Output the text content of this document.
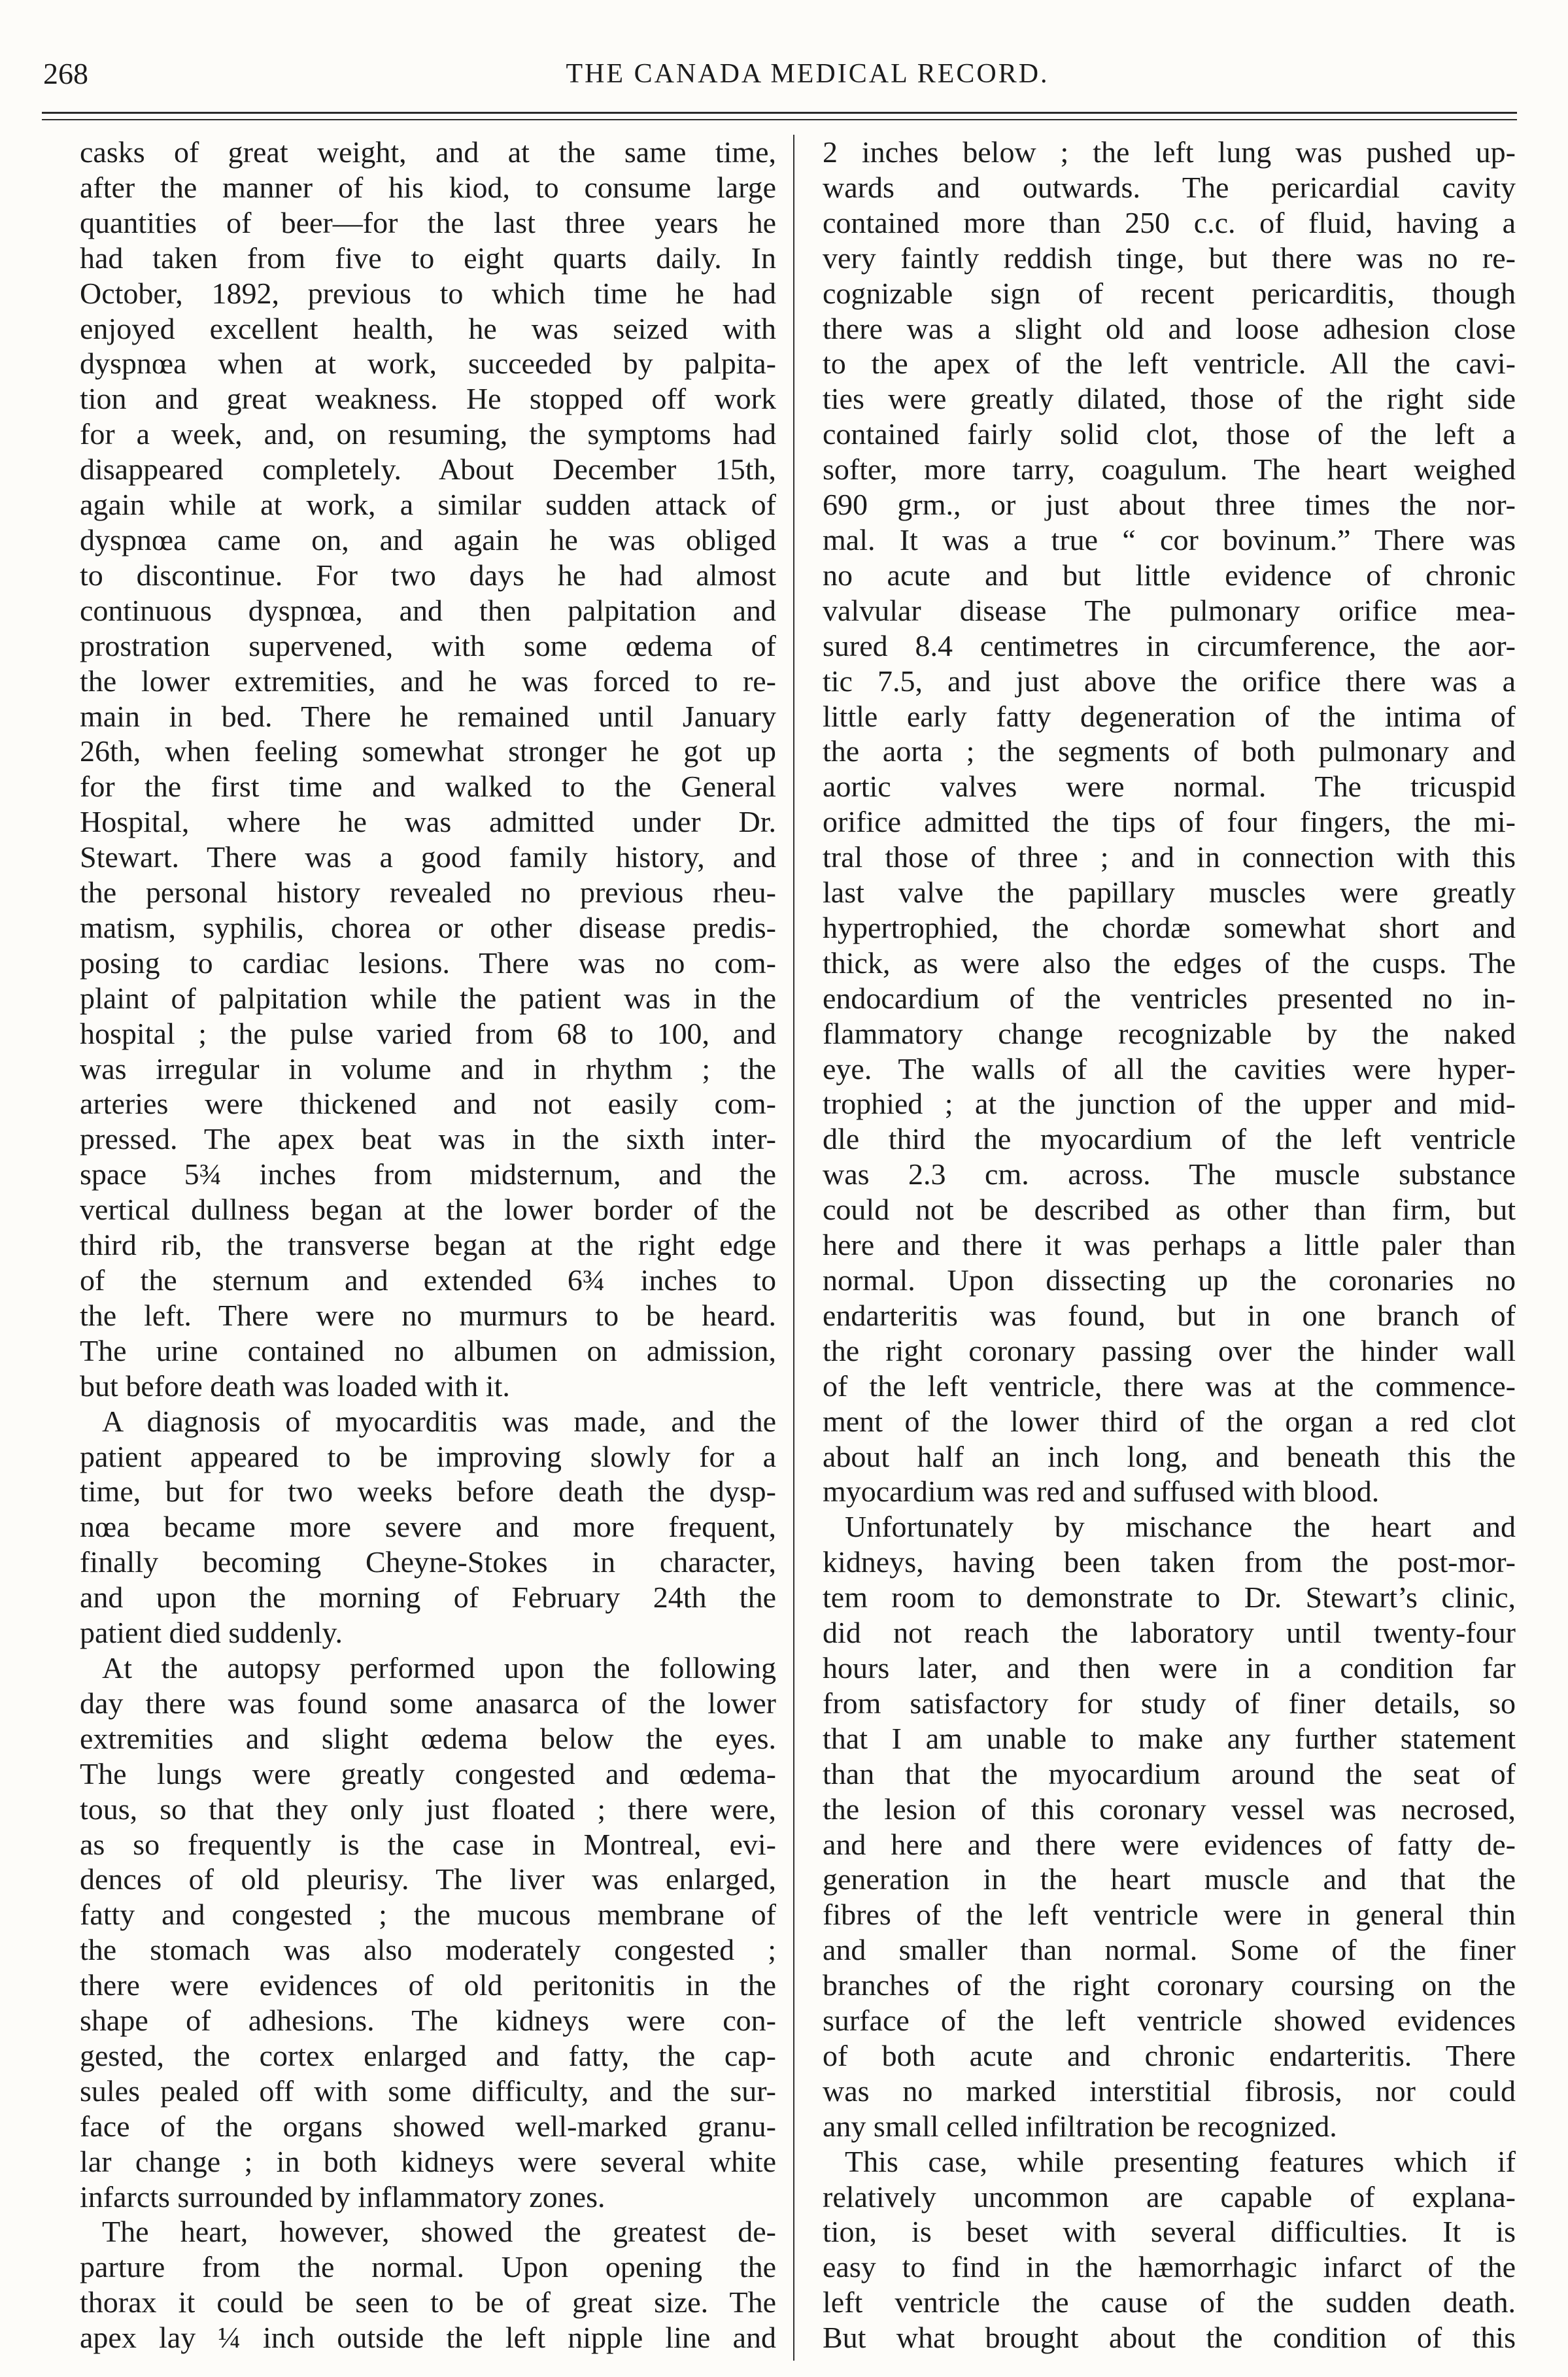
268	THE CANADA MEDICAL RECORD.
casks of great weight, and at the same time,
after the manner of his kiod, to consume large
quantities of beer—for the last three years he
had taken from five to eight quarts daily. In
October, 1892, previous to which time he had
enjoyed excellent health, he was seized with
dyspnœa when at work, succeeded by palpita-
tion and great weakness. He stopped off work
for a week, and, on resuming, the symptoms had
disappeared completely. About December 15th,
again while at work, a similar sudden attack of
dyspnœa came on, and again he was obliged
to discontinue. For two days he had almost
continuous dyspnœa, and then palpitation and
prostration supervened, with some œdema of
the lower extremities, and he was forced to re-
main in bed. There he remained until January
26th, when feeling somewhat stronger he got up
for the first time and walked to the General
Hospital, where he was admitted under Dr.
Stewart. There was a good family history, and
the personal history revealed no previous rheu-
matism, syphilis, chorea or other disease predis-
posing to cardiac lesions. There was no com-
plaint of palpitation while the patient was in the
hospital ; the pulse varied from 68 to 100, and
was irregular in volume and in rhythm ; the
arteries were thickened and not easily com-
pressed. The apex beat was in the sixth inter-
space 5¾ inches from midsternum, and the
vertical dullness began at the lower border of the
third rib, the transverse began at the right edge
of the sternum and extended 6¾ inches to
the left. There were no murmurs to be heard.
The urine contained no albumen on admission,
but before death was loaded with it.
A diagnosis of myocarditis was made, and the
patient appeared to be improving slowly for a
time, but for two weeks before death the dysp-
nœa became more severe and more frequent,
finally becoming Cheyne-Stokes in character,
and upon the morning of February 24th the
patient died suddenly.
At the autopsy performed upon the following
day there was found some anasarca of the lower
extremities and slight œdema below the eyes.
The lungs were greatly congested and œdema-
tous, so that they only just floated ; there were,
as so frequently is the case in Montreal, evi-
dences of old pleurisy. The liver was enlarged,
fatty and congested ; the mucous membrane of
the stomach was also moderately congested ;
there were evidences of old peritonitis in the
shape of adhesions. The kidneys were con-
gested, the cortex enlarged and fatty, the cap-
sules pealed off with some difficulty, and the sur-
face of the organs showed well-marked granu-
lar change ; in both kidneys were several white
infarcts surrounded by inflammatory zones.
The heart, however, showed the greatest de-
parture from the normal. Upon opening the
thorax it could be seen to be of great size. The
apex lay ¼ inch outside the left nipple line and
2 inches below ; the left lung was pushed up-
wards and outwards. The pericardial cavity
contained more than 250 c.c. of fluid, having a
very faintly reddish tinge, but there was no re-
cognizable sign of recent pericarditis, though
there was a slight old and loose adhesion close
to the apex of the left ventricle. All the cavi-
ties were greatly dilated, those of the right side
contained fairly solid clot, those of the left a
softer, more tarry, coagulum. The heart weighed
690 grm., or just about three times the nor-
mal. It was a true “ cor bovinum.” There was
no acute and but little evidence of chronic
valvular disease The pulmonary orifice mea-
sured 8.4 centimetres in circumference, the aor-
tic 7.5, and just above the orifice there was a
little early fatty degeneration of the intima of
the aorta ; the segments of both pulmonary and
aortic valves were normal. The tricuspid
orifice admitted the tips of four fingers, the mi-
tral those of three ; and in connection with this
last valve the papillary muscles were greatly
hypertrophied, the chordæ somewhat short and
thick, as were also the edges of the cusps. The
endocardium of the ventricles presented no in-
flammatory change recognizable by the naked
eye. The walls of all the cavities were hyper-
trophied ; at the junction of the upper and mid-
dle third the myocardium of the left ventricle
was 2.3 cm. across. The muscle substance
could not be described as other than firm, but
here and there it was perhaps a little paler than
normal. Upon dissecting up the coronaries no
endarteritis was found, but in one branch of
the right coronary passing over the hinder wall
of the left ventricle, there was at the commence-
ment of the lower third of the organ a red clot
about half an inch long, and beneath this the
myocardium was red and suffused with blood.
Unfortunately by mischance the heart and
kidneys, having been taken from the post-mor-
tem room to demonstrate to Dr. Stewart’s clinic,
did not reach the laboratory until twenty-four
hours later, and then were in a condition far
from satisfactory for study of finer details, so
that I am unable to make any further statement
than that the myocardium around the seat of
the lesion of this coronary vessel was necrosed,
and here and there were evidences of fatty de-
generation in the heart muscle and that the
fibres of the left ventricle were in general thin
and smaller than normal. Some of the finer
branches of the right coronary coursing on the
surface of the left ventricle showed evidences
of both acute and chronic endarteritis. There
was no marked interstitial fibrosis, nor could
any small celled infiltration be recognized.
This case, while presenting features which if
relatively uncommon are capable of explana-
tion, is beset with several difficulties. It is
easy to find in the hæmorrhagic infarct of the
left ventricle the cause of the sudden death.
But what brought about the condition of this
